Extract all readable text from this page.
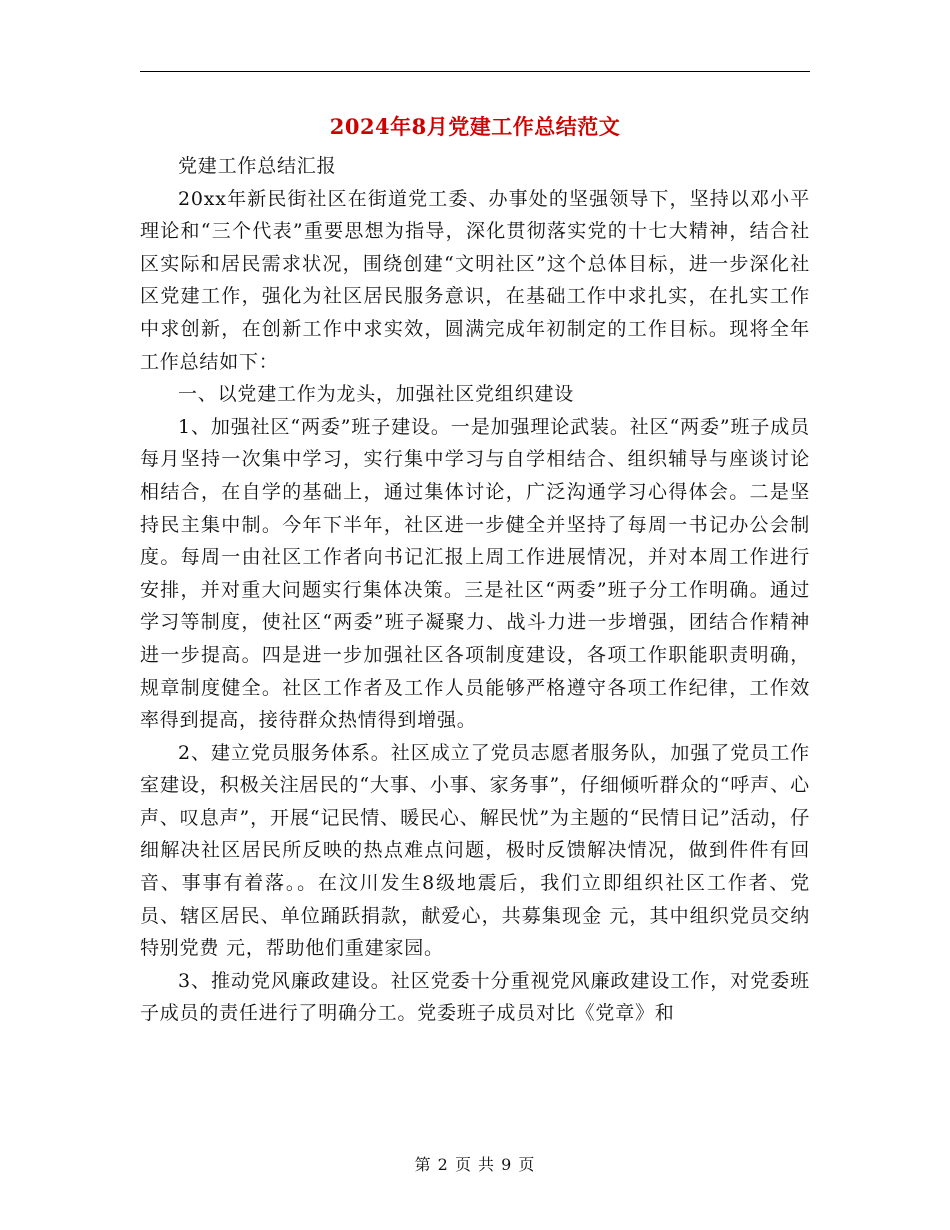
2024年8月党建工作总结范文

党建工作总结汇报

20xx年新民街社区在街道党工委、办事处的坚强领导下，坚持以邓小平理论和“三个代表”重要思想为指导，深化贯彻落实党的十七大精神，结合社区实际和居民需求状况，围绕创建“文明社区”这个总体目标，进一步深化社区党建工作，强化为社区居民服务意识，在基础工作中求扎实，在扎实工作中求创新，在创新工作中求实效，圆满完成年初制定的工作目标。现将全年工作总结如下：

一、以党建工作为龙头，加强社区党组织建设

1、加强社区“两委”班子建设。一是加强理论武装。社区“两委”班子成员每月坚持一次集中学习，实行集中学习与自学相结合、组织辅导与座谈讨论相结合，在自学的基础上，通过集体讨论，广泛沟通学习心得体会。二是坚持民主集中制。今年下半年，社区进一步健全并坚持了每周一书记办公会制度。每周一由社区工作者向书记汇报上周工作进展情况，并对本周工作进行安排，并对重大问题实行集体决策。三是社区“两委”班子分工作明确。通过学习等制度，使社区“两委”班子凝聚力、战斗力进一步增强，团结合作精神进一步提高。四是进一步加强社区各项制度建设，各项工作职能职责明确，规章制度健全。社区工作者及工作人员能够严格遵守各项工作纪律，工作效率得到提高，接待群众热情得到增强。

2、建立党员服务体系。社区成立了党员志愿者服务队，加强了党员工作室建设，积极关注居民的“大事、小事、家务事”，仔细倾听群众的“呼声、心声、叹息声”，开展“记民情、暖民心、解民忧”为主题的“民情日记”活动，仔细解决社区居民所反映的热点难点问题，极时反馈解决情况，做到件件有回音、事事有着落。。在汶川发生8级地震后，我们立即组织社区工作者、党员、辖区居民、单位踊跃捐款，献爱心，共募集现金 元，其中组织党员交纳特别党费 元，帮助他们重建家园。

3、推动党风廉政建设。社区党委十分重视党风廉政建设工作，对党委班子成员的责任进行了明确分工。党委班子成员对比《党章》和

第 2 页 共 9 页
